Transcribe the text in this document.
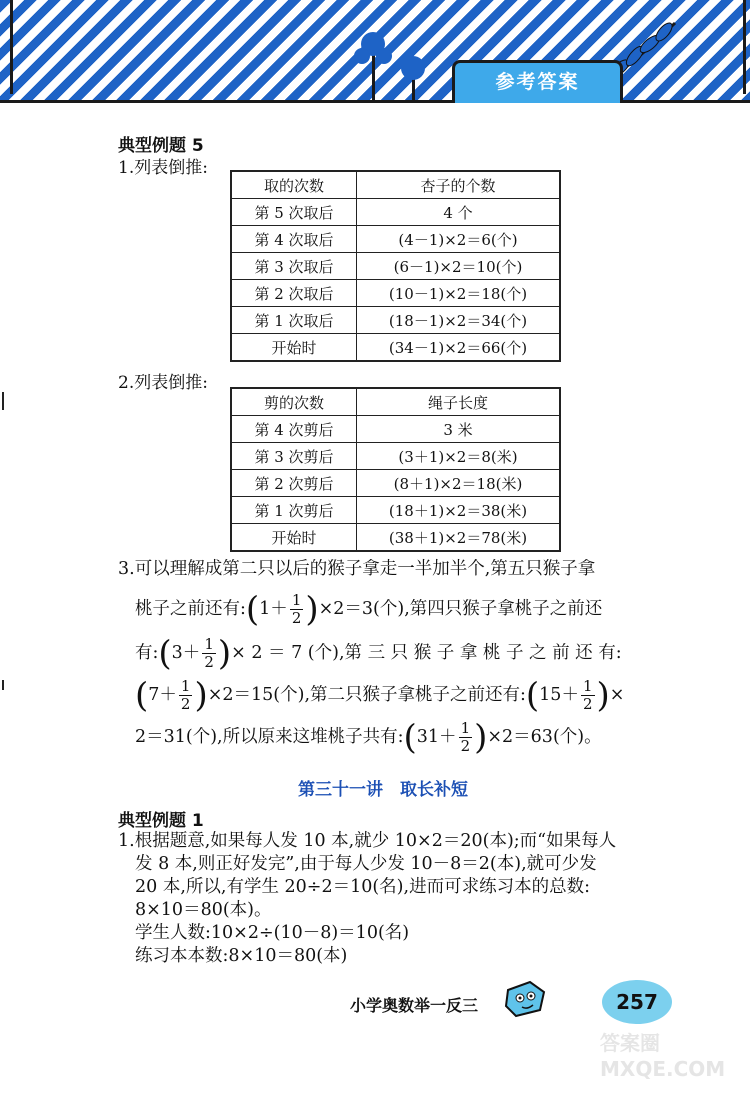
参考答案
典型例题 5
1.列表倒推:
取的次数	杏子的个数
第 5 次取后	4 个
第 4 次取后	(4－1)×2＝6(个)
第 3 次取后	(6－1)×2＝10(个)
第 2 次取后	(10－1)×2＝18(个)
第 1 次取后	(18－1)×2＝34(个)
开始时	(34－1)×2＝66(个)
2.列表倒推:
剪的次数	绳子长度
第 4 次剪后	3 米
第 3 次剪后	(3＋1)×2＝8(米)
第 2 次剪后	(8＋1)×2＝18(米)
第 1 次剪后	(18＋1)×2＝38(米)
开始时	(38＋1)×2＝78(米)
3.可以理解成第二只以后的猴子拿走一半加半个,第五只猴子拿
桃子之前还有:(1＋ $\frac{1}{2} )\times 2=3$(个),第四只猴子拿桃子之前还
有:(3＋ $\frac{1}{2}$ )× 2 ＝ 7 (个),第 三 只 猴 子 拿 桃 子 之 前 还 有:
$(7+ \frac{1}{2} )\times 2=15$(个),第二只猴子拿桃子之前还有:(15＋ $\frac{1}{2}$ )×
2＝31(个),所以原来这堆桃子共有:(31＋ $\frac{1}{2} )\times 2=63$(个)。
第三十一讲　取长补短
典型例题 1
1.根据题意,如果每人发 10 本,就少 10×2＝20(本);而“如果每人
发 8 本,则正好发完”,由于每人少发 10－8＝2(本),就可少发
20 本,所以,有学生 20÷2＝10(名),进而可求练习本的总数:
8×10＝80(本)。
学生人数:10×2÷(10－8)＝10(名)
练习本本数:8×10＝80(本)
小学奥数举一反三	257
答案圈
MXQE.COM
